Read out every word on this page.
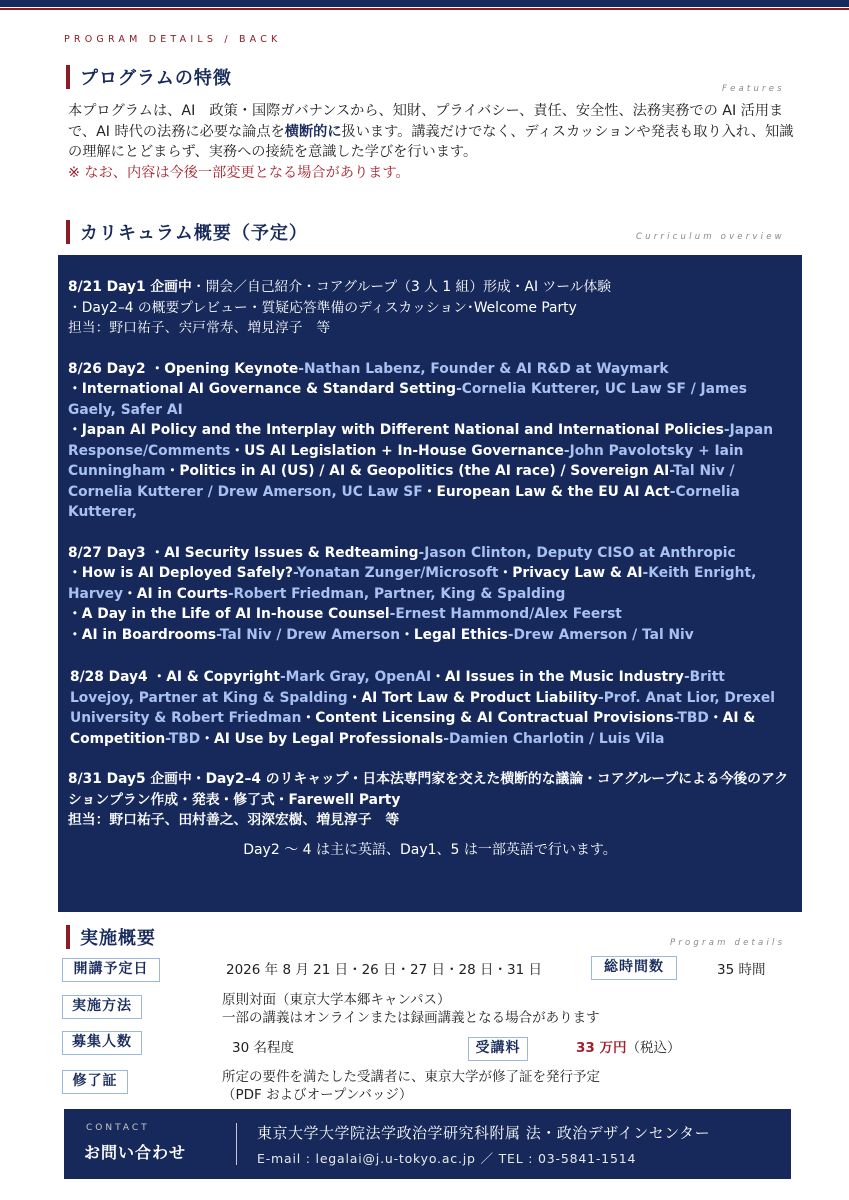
PROGRAM DETAILS / BACK
プログラムの特徴	Features
本プログラムは、AI　政策・国際ガバナンスから、知財、プライバシー、責任、安全性、法務実務での AI 活用まで、AI 時代の法務に必要な論点を横断的に扱います。講義だけでなく、ディスカッションや発表も取り入れ、知識の理解にとどまらず、実務への接続を意識した学びを行います。
※ なお、内容は今後一部変更となる場合があります。
カリキュラム概要（予定）	Curriculum overview
8/21 Day1 企画中・開会／自己紹介・コアグループ（3 人 1 組）形成・AI ツール体験
・Day2–4 の概要プレビュー・質疑応答準備のディスカッション･Welcome Party
担当：野口祐子、宍戸常寿、増見淳子　等
8/26 Day2 ・Opening Keynote-Nathan Labenz, Founder & AI R&D at Waymark
・International AI Governance & Standard Setting-Cornelia Kutterer, UC Law SF / James Gaely, Safer AI
・Japan AI Policy and the Interplay with Different National and International Policies-Japan Response/Comments・US AI Legislation + In-House Governance-John Pavolotsky + Iain Cunningham・Politics in AI (US) / AI & Geopolitics (the AI race) / Sovereign AI-Tal Niv / Cornelia Kutterer / Drew Amerson, UC Law SF・European Law & the EU AI Act-Cornelia Kutterer,
8/27 Day3 ・AI Security Issues & Redteaming-Jason Clinton, Deputy CISO at Anthropic
・How is AI Deployed Safely?-Yonatan Zunger/Microsoft・Privacy Law & AI-Keith Enright, Harvey・AI in Courts-Robert Friedman, Partner, King & Spalding
・A Day in the Life of AI In-house Counsel-Ernest Hammond/Alex Feerst
・AI in Boardrooms-Tal Niv / Drew Amerson・Legal Ethics-Drew Amerson / Tal Niv
8/28 Day4 ・AI & Copyright-Mark Gray, OpenAI・AI Issues in the Music Industry-Britt Lovejoy, Partner at King & Spalding・AI Tort Law & Product Liability-Prof. Anat Lior, Drexel University & Robert Friedman・Content Licensing & AI Contractual Provisions-TBD・AI & Competition-TBD・AI Use by Legal Professionals-Damien Charlotin / Luis Vila
8/31 Day5 企画中・Day2–4 のリキャップ・日本法専門家を交えた横断的な議論・コアグループによる今後のアクションプラン作成・発表・修了式・Farewell Party
担当：野口祐子、田村善之、羽深宏樹、増見淳子　等
Day2 ～ 4 は主に英語、Day1、5 は一部英語で行います。
実施概要	Program details
開講予定日	2026 年 8 月 21 日・26 日・27 日・28 日・31 日	総時間数	35 時間
実施方法	原則対面（東京大学本郷キャンパス）
一部の講義はオンラインまたは録画講義となる場合があります
募集人数	30 名程度	受講料	33 万円（税込）
修了証	所定の要件を満たした受講者に、東京大学が修了証を発行予定
（PDF およびオープンバッジ）
CONTACT
お問い合わせ
東京大学大学院法学政治学研究科附属 法・政治デザインセンター
E-mail : legalai@j.u-tokyo.ac.jp ／ TEL : 03-5841-1514
